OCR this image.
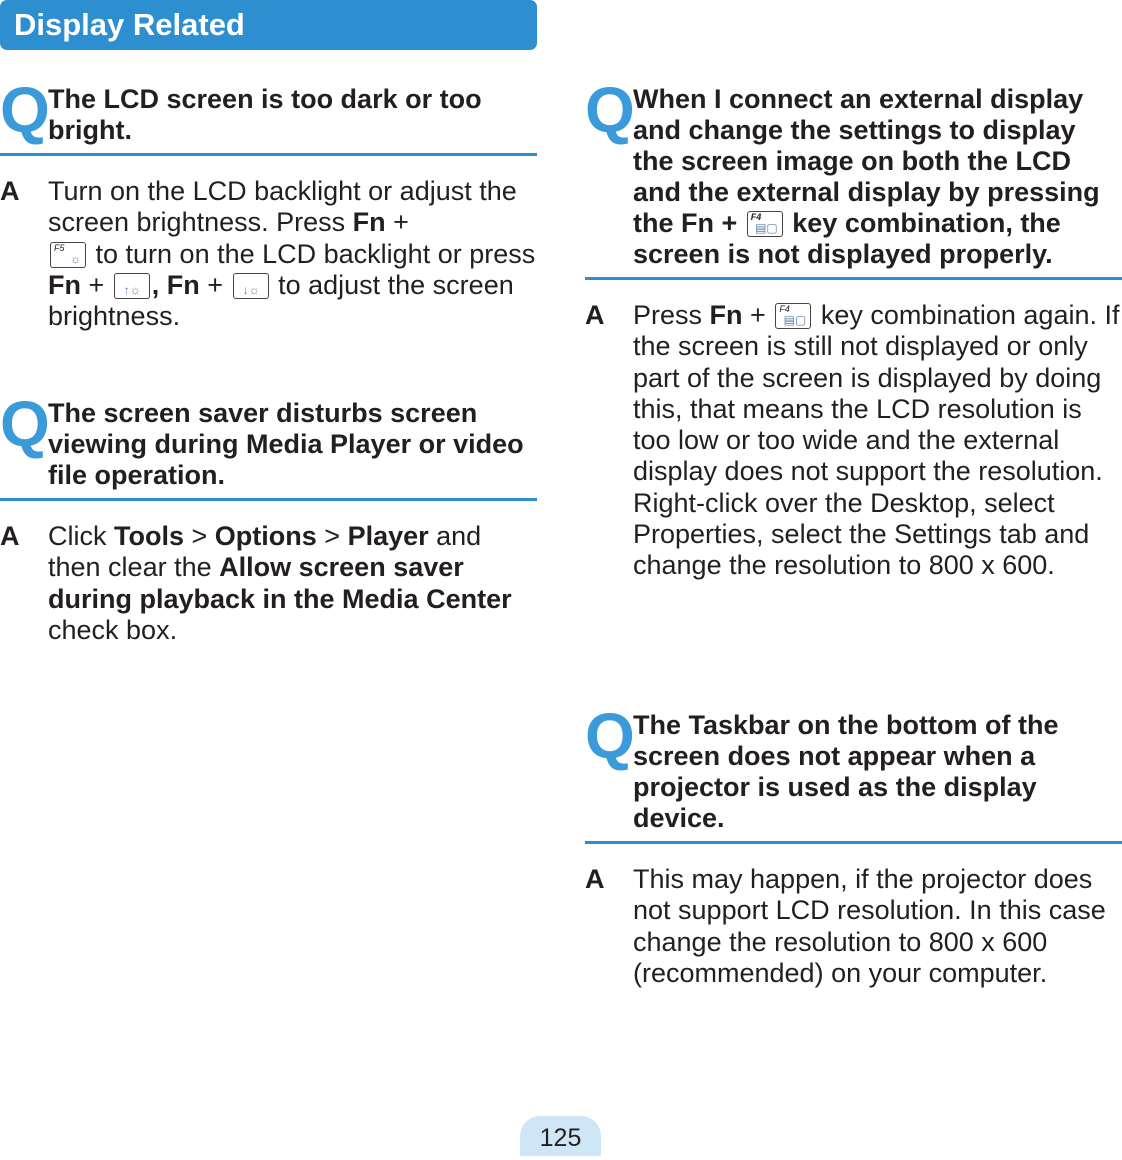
Display Related
Q

The LCD screen is too dark or too bright.

A Turn on the LCD backlight or adjust the screen brightness. Press Fn +

F5
☼ to turn on the LCD backlight or press Fn + ↑☼ , Fn + ↓☼ to adjust the screen brightness.
Q

The screen saver disturbs screen viewing during Media Player or video file operation.

A Click Tools > Options > Player and then clear the Allow screen saver during playback in the Media Center check box.
Q

When I connect an external display and change the settings to display the screen image on both the LCD and the external display by pressing the Fn + F4
▤▢ key combination, the screen is not displayed properly.

A Press Fn + F4
▤▢ key combination again. If the screen is still not displayed or only part of the screen is displayed by doing this, that means the LCD resolution is too low or too wide and the external display does not support the resolution. Right-click over the Desktop, select Properties, select the Settings tab and change the resolution to 800 x 600.
Q

The Taskbar on the bottom of the screen does not appear when a projector is used as the display device.

A This may happen, if the projector does not support LCD resolution. In this case change the resolution to 800 x 600 (recommended) on your computer.
125
